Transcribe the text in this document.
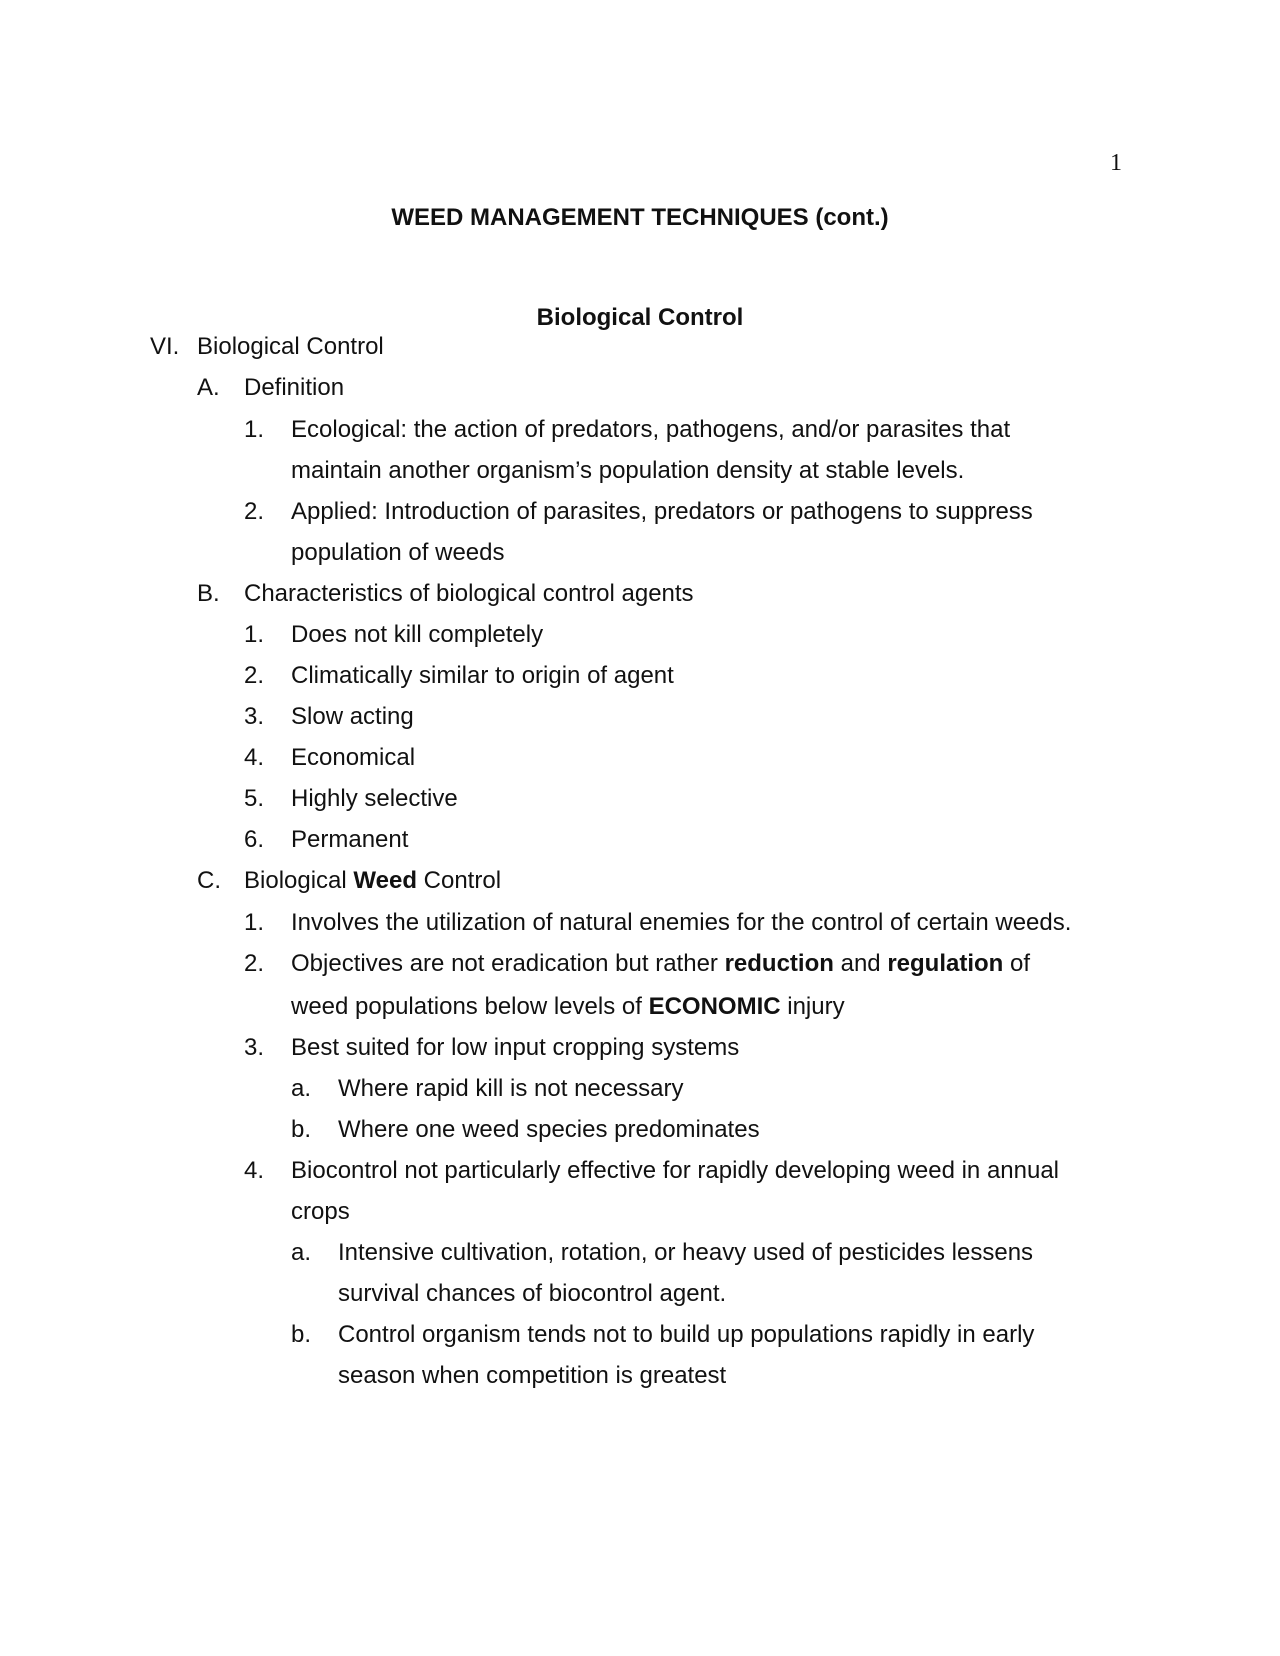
1
WEED MANAGEMENT TECHNIQUES (cont.)
Biological Control
VI. Biological Control
A. Definition
1. Ecological: the action of predators, pathogens, and/or parasites that
maintain another organism’s population density at stable levels.
2. Applied: Introduction of parasites, predators or pathogens to suppress
population of weeds
B. Characteristics of biological control agents
1. Does not kill completely
2. Climatically similar to origin of agent
3. Slow acting
4. Economical
5. Highly selective
6. Permanent
C. Biological Weed Control
1. Involves the utilization of natural enemies for the control of certain weeds.
2. Objectives are not eradication but rather reduction and regulation of
weed populations below levels of ECONOMIC injury
3. Best suited for low input cropping systems
a. Where rapid kill is not necessary
b. Where one weed species predominates
4. Biocontrol not particularly effective for rapidly developing weed in annual
crops
a. Intensive cultivation, rotation, or heavy used of pesticides lessens
survival chances of biocontrol agent.
b. Control organism tends not to build up populations rapidly in early
season when competition is greatest
